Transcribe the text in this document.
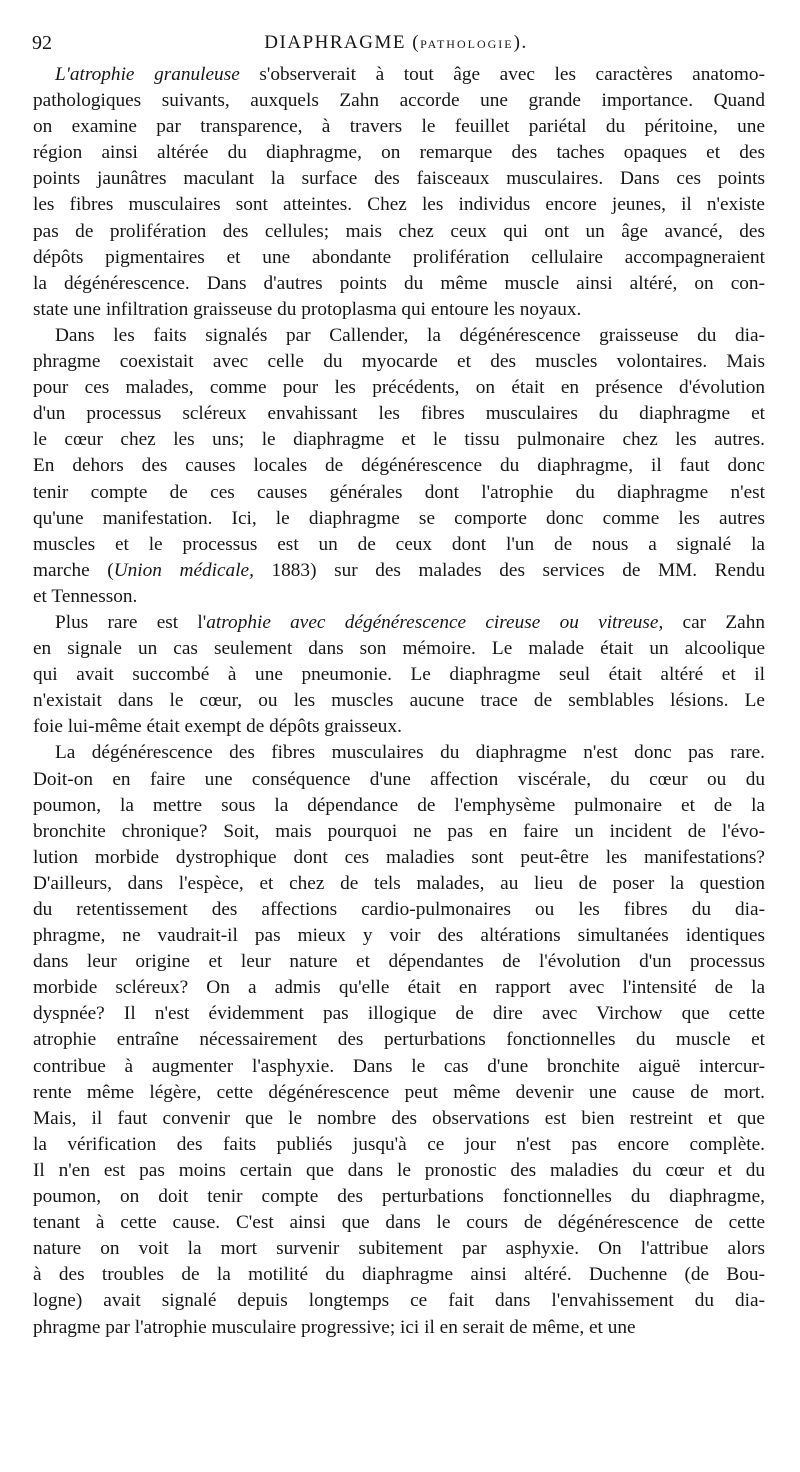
92	DIAPHRAGME (PATHOLOGIE).

L'atrophie granuleuse s'observerait à tout âge avec les caractères anatomo-
pathologiques suivants, auxquels Zahn accorde une grande importance. Quand
on examine par transparence, à travers le feuillet pariétal du péritoine, une
région ainsi altérée du diaphragme, on remarque des taches opaques et des
points jaunâtres maculant la surface des faisceaux musculaires. Dans ces points
les fibres musculaires sont atteintes. Chez les individus encore jeunes, il n'existe
pas de prolifération des cellules; mais chez ceux qui ont un âge avancé, des
dépôts pigmentaires et une abondante prolifération cellulaire accompagneraient
la dégénérescence. Dans d'autres points du même muscle ainsi altéré, on con-
state une infiltration graisseuse du protoplasma qui entoure les noyaux.

Dans les faits signalés par Callender, la dégénérescence graisseuse du dia-
phragme coexistait avec celle du myocarde et des muscles volontaires. Mais
pour ces malades, comme pour les précédents, on était en présence d'évolution
d'un processus scléreux envahissant les fibres musculaires du diaphragme et
le cœur chez les uns; le diaphragme et le tissu pulmonaire chez les autres.
En dehors des causes locales de dégénérescence du diaphragme, il faut donc
tenir compte de ces causes générales dont l'atrophie du diaphragme n'est
qu'une manifestation. Ici, le diaphragme se comporte donc comme les autres
muscles et le processus est un de ceux dont l'un de nous a signalé la
marche (Union médicale, 1883) sur des malades des services de MM. Rendu
et Tennesson.

Plus rare est l'atrophie avec dégénérescence cireuse ou vitreuse, car Zahn
en signale un cas seulement dans son mémoire. Le malade était un alcoolique
qui avait succombé à une pneumonie. Le diaphragme seul était altéré et il
n'existait dans le cœur, ou les muscles aucune trace de semblables lésions. Le
foie lui-même était exempt de dépôts graisseux.

La dégénérescence des fibres musculaires du diaphragme n'est donc pas rare.
Doit-on en faire une conséquence d'une affection viscérale, du cœur ou du
poumon, la mettre sous la dépendance de l'emphysème pulmonaire et de la
bronchite chronique? Soit, mais pourquoi ne pas en faire un incident de l'évo-
lution morbide dystrophique dont ces maladies sont peut-être les manifestations?
D'ailleurs, dans l'espèce, et chez de tels malades, au lieu de poser la question
du retentissement des affections cardio-pulmonaires ou les fibres du dia-
phragme, ne vaudrait-il pas mieux y voir des altérations simultanées identiques
dans leur origine et leur nature et dépendantes de l'évolution d'un processus
morbide scléreux? On a admis qu'elle était en rapport avec l'intensité de la
dyspnée? Il n'est évidemment pas illogique de dire avec Virchow que cette
atrophie entraîne nécessairement des perturbations fonctionnelles du muscle et
contribue à augmenter l'asphyxie. Dans le cas d'une bronchite aiguë intercur-
rente même légère, cette dégénérescence peut même devenir une cause de mort.
Mais, il faut convenir que le nombre des observations est bien restreint et que
la vérification des faits publiés jusqu'à ce jour n'est pas encore complète.
Il n'en est pas moins certain que dans le pronostic des maladies du cœur et du
poumon, on doit tenir compte des perturbations fonctionnelles du diaphragme,
tenant à cette cause. C'est ainsi que dans le cours de dégénérescence de cette
nature on voit la mort survenir subitement par asphyxie. On l'attribue alors
à des troubles de la motilité du diaphragme ainsi altéré. Duchenne (de Bou-
logne) avait signalé depuis longtemps ce fait dans l'envahissement du dia-
phragme par l'atrophie musculaire progressive; ici il en serait de même, et une
